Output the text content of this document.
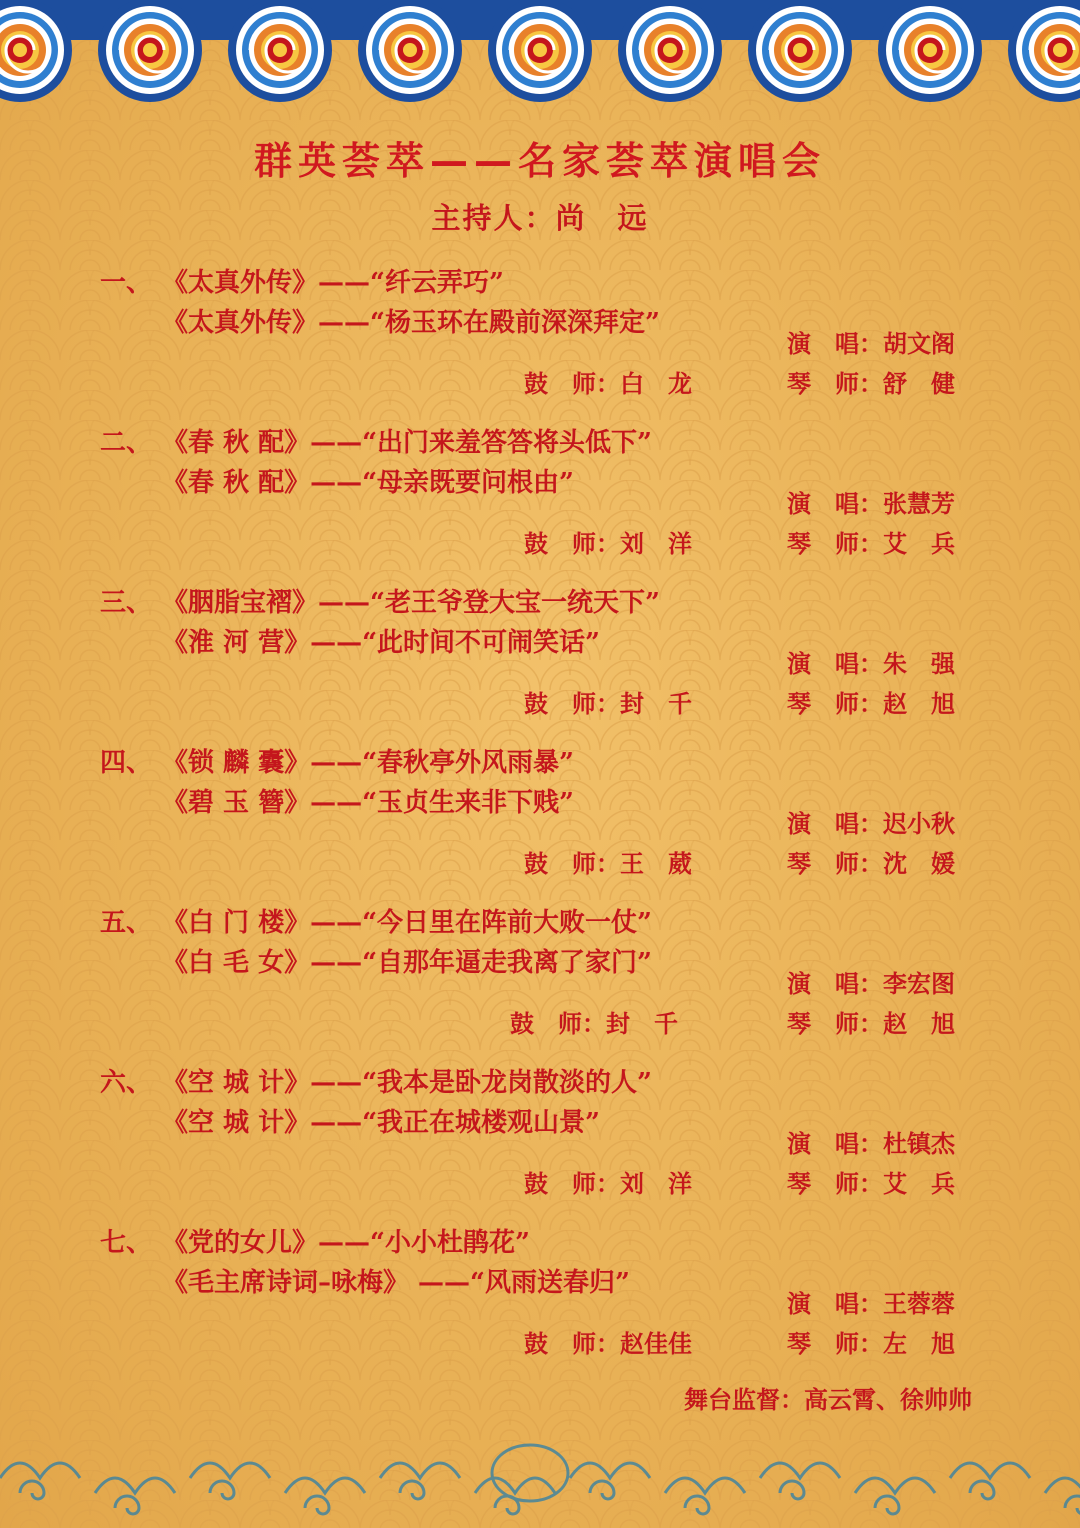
群英荟萃——名家荟萃演唱会
主持人：尚　远
一、 《太真外传》——“纤云弄巧”
《太真外传》——“杨玉环在殿前深深拜定”
演　唱：胡文阁
鼓　师：白　龙	琴　师：舒　健
二、 《春 秋 配》——“出门来羞答答将头低下”
《春 秋 配》——“母亲既要问根由”
演　唱：张慧芳
鼓　师：刘　洋	琴　师：艾　兵
三、 《胭脂宝褶》——“老王爷登大宝一统天下”
《淮 河 营》——“此时间不可闹笑话”
演　唱：朱　强
鼓　师：封　千	琴　师：赵　旭
四、 《锁 麟 囊》——“春秋亭外风雨暴”
《碧 玉 簪》——“玉贞生来非下贱”
演　唱：迟小秋
鼓　师：王　葳	琴　师：沈　媛
五、 《白 门 楼》——“今日里在阵前大败一仗”
《白 毛 女》——“自那年逼走我离了家门”
演　唱：李宏图
鼓　师：封　千	琴　师：赵　旭
六、 《空 城 计》——“我本是卧龙岗散淡的人”
《空 城 计》——“我正在城楼观山景”
演　唱：杜镇杰
鼓　师：刘　洋	琴　师：艾　兵
七、 《党的女儿》——“小小杜鹃花”
《毛主席诗词–咏梅》 ——“风雨送春归”
演　唱：王蓉蓉
鼓　师：赵佳佳	琴　师：左　旭
舞台监督：高云霄、徐帅帅
